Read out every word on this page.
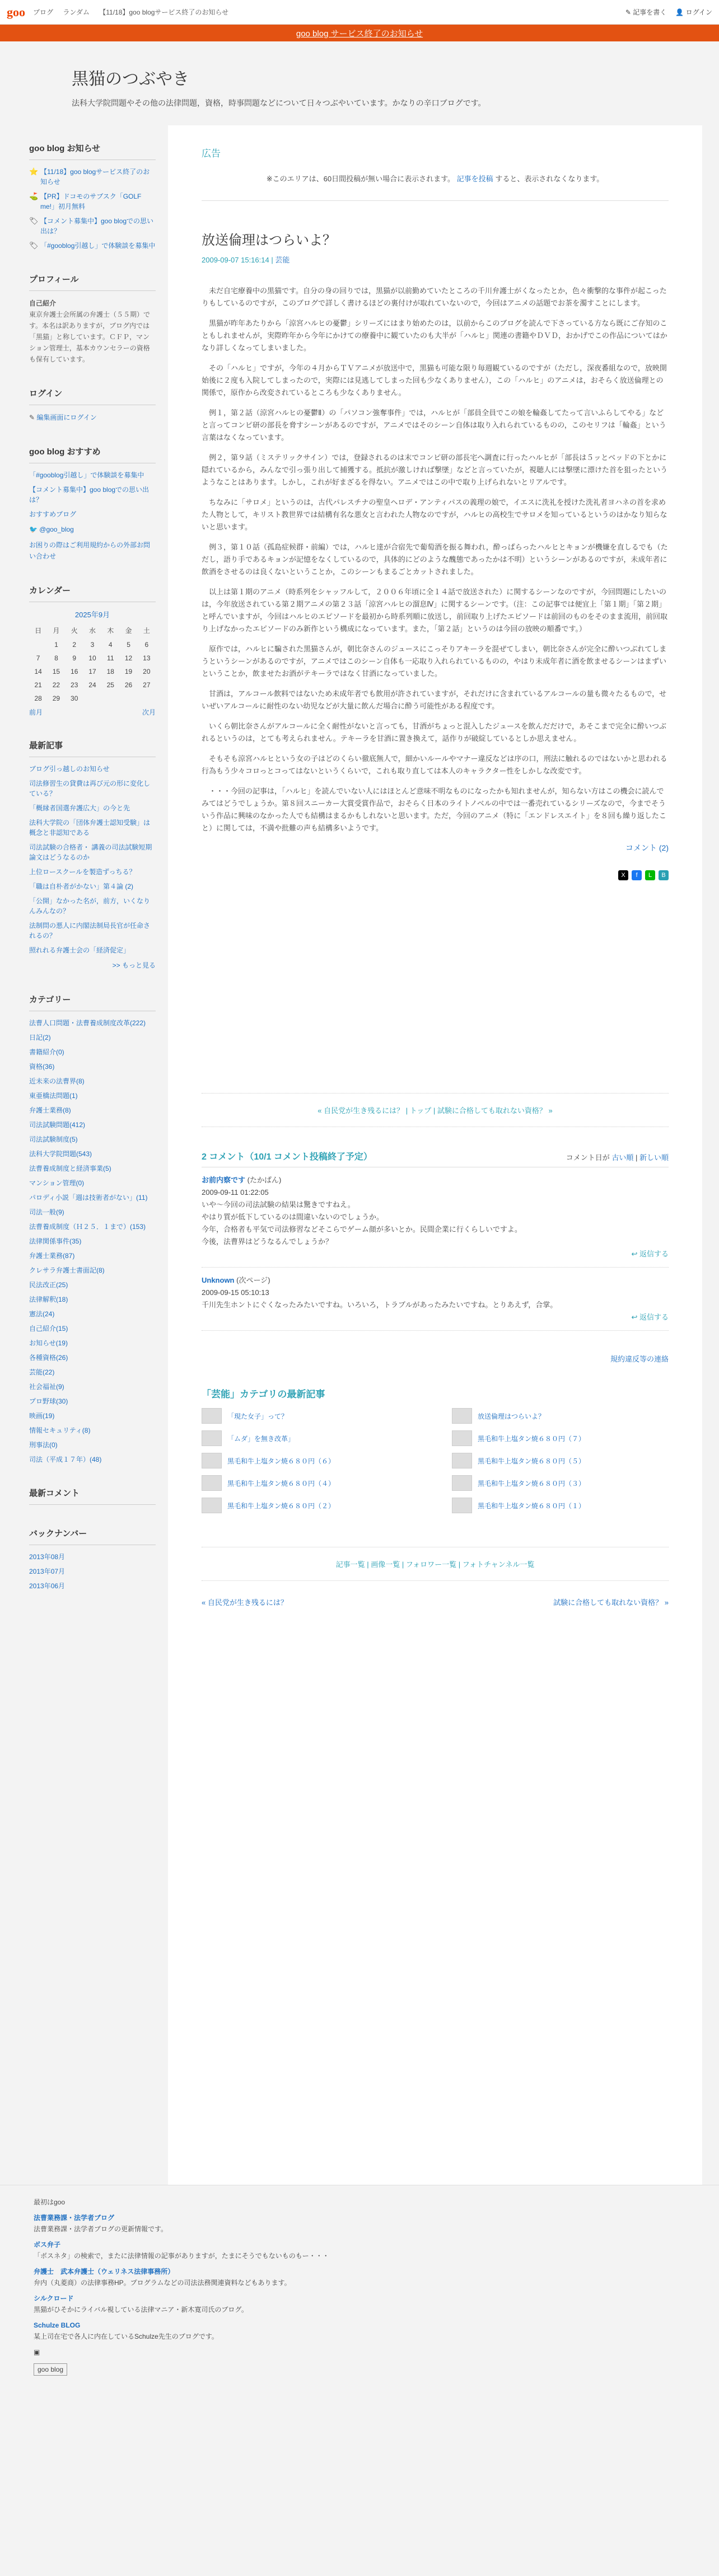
goo ブログ ランダム 【11/18】goo blogサービス終了のお知らせ	✎ 記事を書く 👤 ログイン
goo blog サービス終了のお知らせ
黒猫のつぶやき

法科大学院問題やその他の法律問題，資格，時事問題などについて日々つぶやいています。かなりの辛口ブログです。

goo blog お知らせ
⭐ 【11/18】goo blogサービス終了のお知らせ
⛳ 【PR】ドコモのサブスク「GOLF me!」初月無料
🏷 【コメント募集中】goo blogでの思い出は？
🏷 「#gooblog引越し」で体験談を募集中
プロフィール
自己紹介
東京弁護士会所属の弁護士（５５期）です。本名は訳ありますが，ブログ内では「黒猫」と称しています。ＣＦＰ，マンション管理士，基本カウンセラーの資格も保有しています。
ログイン
✎ 編集画面にログイン
goo blog おすすめ
「#gooblog引越し」で体験談を募集中
【コメント募集中】goo blogでの思い出は？
おすすめブログ
🐦 @goo_blog
お困りの際はご利用規約からの外部お問い合わせ
カレンダー
2025年9月
日	月	火	水	木	金	土
	1	2	3	4	5	6
7	8	9	10	11	12	13
14	15	16	17	18	19	20
21	22	23	24	25	26	27
28	29	30				
前月	次月
最新記事
ブログ引っ越しのお知らせ
司法修習生の貸費は再び元の形に変化している？
「概縁者国選弁護広大」の今と先
法科大学院の「団体弁護士認知受験」は概念と非認知である
司法試験の合格者・ 講義の司法試験短期論文はどうなるのか
上位ロースクールを製造ずっちる？
「職は自朴者がかない」第４論 (2)
「公開」なかった名が，前方，いくなりんみんなの？
法制問の悪人に内閣法制局長官が任命されるの？
照れれる弁護士会の「経済促定」
>> もっと見る
カテゴリー
法曹人口問題・法曹養成制度改革(222)
日記(2)
書籍紹介(0)
資格(36)
近未来の法曹界(8)
東亜橋法問題(1)
弁護士業務(8)
司法試験問題(412)
司法試験制度(5)
法科大学院問題(543)
法曹養成制度と経済事業(5)
マンション管理(0)
パロディ小説「週は技術者がない」(11)
司法一般(9)
法曹養成制度（Ｈ２５．１まで）(153)
法律関係事件(35)
弁護士業務(87)
クレサラ弁護士書面記(8)
民法改正(25)
法律解釈(18)
憲法(24)
自己紹介(15)
お知らせ(19)
各種資格(26)
芸能(22)
社会福祉(9)
プロ野球(30)
映画(19)
情報セキュリティ(8)
刑事法(0)
司法（平成１７年）(48)
最新コメント
バックナンバー
2013年08月
2013年07月
2013年06月
広告
※このエリアは、60日間投稿が無い場合に表示されます。 記事を投稿 すると、表示されなくなります。
放送倫理はつらいよ？
2009-09-07 15:16:14 | 芸能

　未だ自宅療養中の黒猫です。自分の身の回りでは，黒猫が以前勤めていたところの千川弁護士がくなったとか，色々衝撃的な事件が起こったりもしているのですが，このブログで詳しく書けるほどの裏付けが取れていないので，今回はアニメの話題でお茶を濁すことにします。

　黒猫が昨年あたりから「涼宮ハルヒの憂鬱」シリーズにはまり始めたのは，以前からこのブログを読んで下さっている方なら既にご存知のこともしれませんが，実際昨年から今年にかけての療養中に観ていたのも大半が「ハルヒ」関連の書籍やＤＶＤ，おかげでこの作品についてはかなり詳しくなってしまいました。

　その「ハルヒ」ですが，今年の４月からＴＶアニメが放送中で，黒猫も可能な限り毎週観ているのですが（ただし，深夜番組なので，放映開始後に２度も入院してしまったので，実際には見逃してしまった回も少なくありません），この「ハルヒ」のアニメは，おそらく放送倫理との関係で，原作から改変されているところも少なくありません。

　例１，第２話（涼宮ハルヒの憂鬱Ⅱ）の「パソコン強奪事件」では，ハルヒが「部員全員でこの娘を輪姦してたって言いふらしてやる」などと言ってコンピ研の部長を脅すシーンがあるのですが，アニメではそのシーン自体は取り入れられているものの，このセリフは「輪姦」という言葉はなくなっています。

　例２，第９話（ミステリックサイン）では，登録されるのは末でコンピ研の部長宅へ調査に行ったハルヒが「部長は５ッとベッドの下とかに隠れているから，みんなで引っ張り出して捕獲する。抵抗が激しければ撃墜」などと言っていたが，視聴人には撃墜に漂けた首を狙ったというようなことはあります。しかし，これが好まざるを得ない。アニメではこの中で取り上げられないとリアルです。

　ちなみに「サロメ」というのは，古代パレスチナの聖皇ヘロデ・アンティパスの義理の娘で，イエスに洗礼を授けた洗礼者ヨハネの首を求めた人物として，キリスト教世界では結構有名な悪女と言われた人物なのですが，ハルヒの高校生でサロメを知っているというのはかなり知らないと思います。

　例３，第１０話（孤島症候群・前編）では，ハルヒ達が合宿先で葡萄酒を振る舞われ，酔っぱらったハルヒとキョンが機嫌を直しるでも（ただし，語り手であるキョンが記憶をなくしているので，具体的にどのような醜態であったかは不明）というシーンがあるのですが，未成年者に飲酒をさせるのは良くないということか，このシーンもまるごとカットされました。

　以上は第１期のアニメ（時系列をシャッフルして，２００６年頃に全１４話で放送された）に関するシーンなのですが，今回問題にしたいのは，今年放送されている第２期アニメの第２３話「涼宮ハルヒの溜息Ⅳ」に関するシーンです。（注：この記事では便宜上「第１期」「第２期」と呼んでいますが，今回はハルヒのエピソードを最初から時系列順に放送し，前回取り上げたエピソードは前回のものをそのまま流用，前回取り上げなかったエピソードのみ新作という構成になっています。また，「第２話」というのは今回の放映の順番です。）

　原作では，ハルヒに騙された黒猫さんが，朝比奈さんのジュースにこっそりアキーラを混ぜてしまい，朝比奈さんが完全に酔いつぶれてしまうというシーンがあるのですが，アニメではこのシーン自体も一応取り入れられているものの，やはり未成年者に酒を飲ませるシーンはまずいということか，飲ませたお酒がテキーラではなく甘酒になっていました。

　甘酒は，アルコール飲料ではないため未成年者でも飲用が許されていますが，それだけに含まれているアルコールの量も微々たるもので，せいぜいアルコールに耐性のない幼児などが大量に飲んだ場合に酔う可能性がある程度です。

　いくら朝比奈さんがアルコールに全く耐性がないと言っても，甘酒がちょっと混入したジュースを飲んだだけで，あそこまで完全に酔いつぶれるというのは，とても考えられません。テキーラを甘酒に置き換えて，話作りが破綻しているとしか思えません。

　そもそも涼宮ハルヒという女の子はどのくらい徹底無人で，細かいルールやマナー違反などは序の口，刑法に触れるのではないかと思われる行為もう少々コロっとコってはないというくらいで，これも取り直しては本人のキャラクター性をしかしな改変です。

　・・・今回の記事は，「ハルヒ」を読んでいない人にはほとんど意味不明なものになったかも知れませんが，知らない方はこの機会に読んでみてはどうでしょうか。第８回スニーカー大賞受賞作品で，おそらく日本のライトノベルの中では一番売れているシリーズなので，今までそういう作品に興味のなかった人でも結構はまるかもしれないと思います。ただ，今回のアニメ（特に「エンドレスエイト」を８回も繰り返したこと）に関しては，不満や批難の声も結構多いようです。

コメント (2)
X	f	L	B
« 自民党が生き残るには？ | トップ | 試験に合格しても取れない資格？ »
2 コメント（10/1 コメント投稿終了予定）	コメント日が 古い順 | 新しい順
お前内察です (たかぱん)
2009-09-11 01:22:05
いや〜今回の司法試験の結果は驚きですねえ。
やはり質が低下しているのは間違いないのでしょうか。
今年，合格者も平気で司法修習などそこらでゲーム顔が多いとか。民間企業に行くらしいですよ。
今後，法曹界はどうなるんでしょうか？
↩ 返信する
Unknown (次ページ)
2009-09-15 05:10:13
千川先生ホントにぐくなったみたいですね。いろいろ，トラブルがあったみたいですね。とりあえず，合掌。
↩ 返信する
規約違反等の連絡
「芸能」カテゴリの最新記事
「現た女子」って？	放送倫理はつらいよ？
「ムダ」を無き改革」	黒毛和牛上塩タン焼６８０円（７）
黒毛和牛上塩タン焼６８０円（６）	黒毛和牛上塩タン焼６８０円（５）
黒毛和牛上塩タン焼６８０円（４）	黒毛和牛上塩タン焼６８０円（３）
黒毛和牛上塩タン焼６８０円（２）	黒毛和牛上塩タン焼６８０円（１）
記事一覧 | 画像一覧 | フォロワー一覧 | フォトチャンネル一覧
« 自民党が生き残るには？	試験に合格しても取れない資格？ »
最初はgoo
法曹業務課・法学者ブログ
法曹業務課・法学者ブログの更新情報です。
ボス弁子
「ボスネタ」の検索で，またに法律情報の記事がありますが，たまにそうでもないものもー・・・
弁護士　武本弁護士（ウェリネス法律事務所）
弁内（丸菱商）の法律事務HP。プログラムなどの司法法務関連資料などもあります。
シルクロード
黒猫がひそかにライバル視している法律マニア・新木寛司氏のブログ。
Schulze BLOG
某上司在宅で各人に内在しているSchulze先生のブログです。
▣
goo blog
